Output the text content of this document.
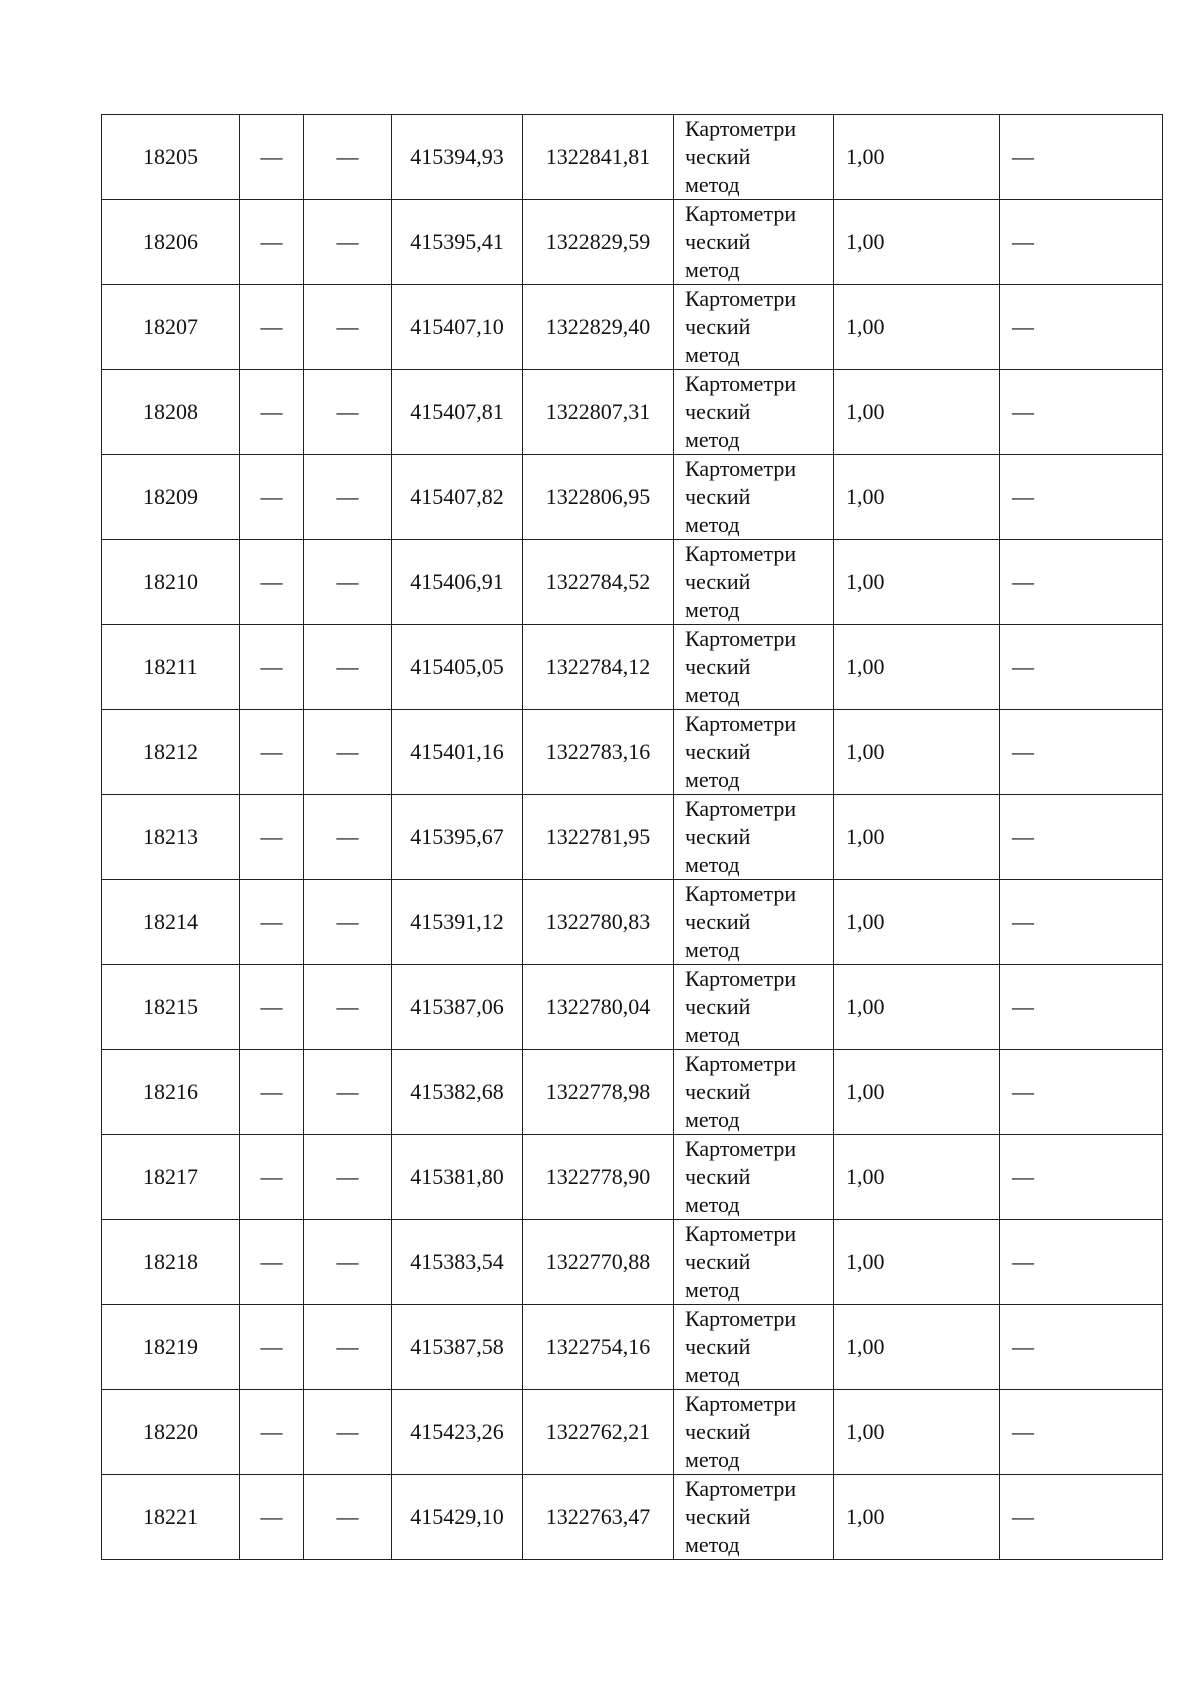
18205	—	—	415394,93	1322841,81	Картометри
ческий
метод	1,00	—
18206	—	—	415395,41	1322829,59	Картометри
ческий
метод	1,00	—
18207	—	—	415407,10	1322829,40	Картометри
ческий
метод	1,00	—
18208	—	—	415407,81	1322807,31	Картометри
ческий
метод	1,00	—
18209	—	—	415407,82	1322806,95	Картометри
ческий
метод	1,00	—
18210	—	—	415406,91	1322784,52	Картометри
ческий
метод	1,00	—
18211	—	—	415405,05	1322784,12	Картометри
ческий
метод	1,00	—
18212	—	—	415401,16	1322783,16	Картометри
ческий
метод	1,00	—
18213	—	—	415395,67	1322781,95	Картометри
ческий
метод	1,00	—
18214	—	—	415391,12	1322780,83	Картометри
ческий
метод	1,00	—
18215	—	—	415387,06	1322780,04	Картометри
ческий
метод	1,00	—
18216	—	—	415382,68	1322778,98	Картометри
ческий
метод	1,00	—
18217	—	—	415381,80	1322778,90	Картометри
ческий
метод	1,00	—
18218	—	—	415383,54	1322770,88	Картометри
ческий
метод	1,00	—
18219	—	—	415387,58	1322754,16	Картометри
ческий
метод	1,00	—
18220	—	—	415423,26	1322762,21	Картометри
ческий
метод	1,00	—
18221	—	—	415429,10	1322763,47	Картометри
ческий
метод	1,00	—
